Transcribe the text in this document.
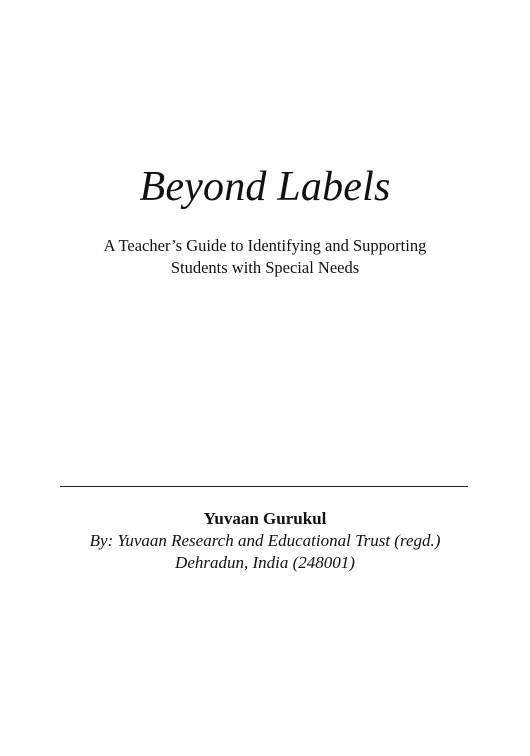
Beyond Labels
A Teacher’s Guide to Identifying and Supporting
Students with Special Needs
Yuvaan Gurukul
By: Yuvaan Research and Educational Trust (regd.)
Dehradun, India (248001)
